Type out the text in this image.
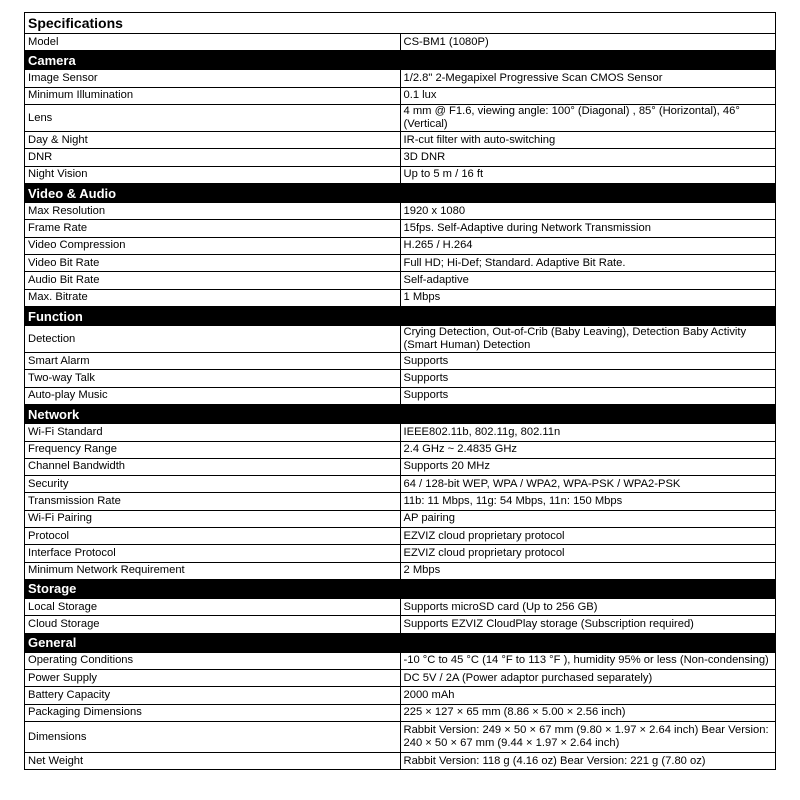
Specifications	
Model	CS-BM1 (1080P)
Camera	
Image Sensor	1/2.8" 2-Megapixel Progressive Scan CMOS Sensor
Minimum Illumination	0.1 lux
Lens	4 mm @ F1.6, viewing angle: 100° (Diagonal) , 85° (Horizontal), 46° (Vertical)
Day & Night	IR-cut filter with auto-switching
DNR	3D DNR
Night Vision	Up to 5 m / 16 ft
Video & Audio	
Max Resolution	1920 x 1080
Frame Rate	15fps. Self-Adaptive during Network Transmission
Video Compression	H.265 / H.264
Video Bit Rate	Full HD; Hi-Def; Standard. Adaptive Bit Rate.
Audio Bit Rate	Self-adaptive
Max. Bitrate	1 Mbps
Function	
Detection	Crying Detection, Out-of-Crib (Baby Leaving), Detection Baby Activity (Smart Human) Detection
Smart Alarm	Supports
Two-way Talk	Supports
Auto-play Music	Supports
Network	
Wi-Fi Standard	IEEE802.11b, 802.11g, 802.11n
Frequency Range	2.4 GHz ~ 2.4835 GHz
Channel Bandwidth	Supports 20 MHz
Security	64 / 128-bit WEP, WPA / WPA2, WPA-PSK / WPA2-PSK
Transmission Rate	11b: 11 Mbps, 11g: 54 Mbps, 11n: 150 Mbps
Wi-Fi Pairing	AP pairing
Protocol	EZVIZ cloud proprietary protocol
Interface Protocol	EZVIZ cloud proprietary protocol
Minimum Network Requirement	2 Mbps
Storage	
Local Storage	Supports microSD card (Up to 256 GB)
Cloud Storage	Supports EZVIZ CloudPlay storage (Subscription required)
General	
Operating Conditions	-10 °C to 45 °C (14 °F to 113 °F ), humidity 95% or less (Non-condensing)
Power Supply	DC 5V / 2A (Power adaptor purchased separately)
Battery Capacity	2000 mAh
Packaging Dimensions	225 × 127 × 65 mm (8.86 × 5.00 × 2.56 inch)
Dimensions	Rabbit Version: 249 × 50 × 67 mm (9.80 × 1.97 × 2.64 inch) Bear Version: 240 × 50 × 67 mm (9.44 × 1.97 × 2.64 inch)
Net Weight	Rabbit Version: 118 g (4.16 oz) Bear Version: 221 g (7.80 oz)
